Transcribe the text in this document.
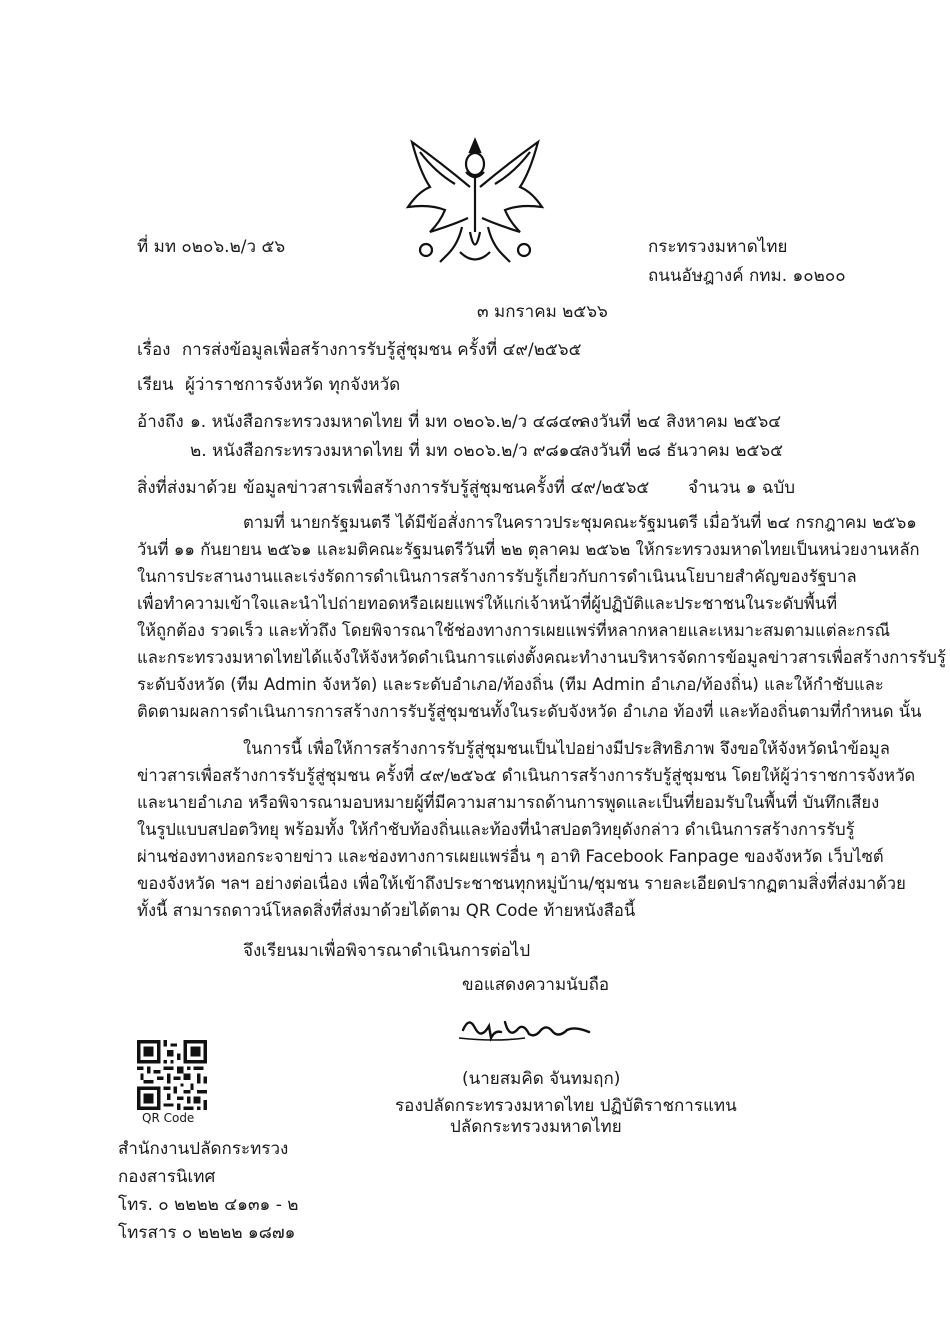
ที่ มท ๐๒๐๖.๒/ว ๕๖	กระทรวงมหาดไทย
ถนนอัษฎางค์ กทม. ๑๐๒๐๐
๓ มกราคม ๒๕๖๖
เรื่อง การส่งข้อมูลเพื่อสร้างการรับรู้สู่ชุมชน ครั้งที่ ๔๙/๒๕๖๕
เรียน ผู้ว่าราชการจังหวัด ทุกจังหวัด
อ้างถึง ๑. หนังสือกระทรวงมหาดไทย ที่ มท ๐๒๐๖.๒/ว ๔๘๔๓
ลงวันที่ ๒๔ สิงหาคม ๒๕๖๔
๒. หนังสือกระทรวงมหาดไทย ที่ มท ๐๒๐๖.๒/ว ๙๘๑๔
ลงวันที่ ๒๘ ธันวาคม ๒๕๖๕
สิ่งที่ส่งมาด้วย ข้อมูลข่าวสารเพื่อสร้างการรับรู้สู่ชุมชนครั้งที่ ๔๙/๒๕๖๕ จำนวน ๑ ฉบับ
ตามที่ นายกรัฐมนตรี ได้มีข้อสั่งการในคราวประชุมคณะรัฐมนตรี เมื่อวันที่ ๒๔ กรกฎาคม ๒๕๖๑
วันที่ ๑๑ กันยายน ๒๕๖๑ และมติคณะรัฐมนตรีวันที่ ๒๒ ตุลาคม ๒๕๖๒ ให้กระทรวงมหาดไทยเป็นหน่วยงานหลัก
ในการประสานงานและเร่งรัดการดำเนินการสร้างการรับรู้เกี่ยวกับการดำเนินนโยบายสำคัญของรัฐบาล
เพื่อทำความเข้าใจและนำไปถ่ายทอดหรือเผยแพร่ให้แก่เจ้าหน้าที่ผู้ปฏิบัติและประชาชนในระดับพื้นที่
ให้ถูกต้อง รวดเร็ว และทั่วถึง โดยพิจารณาใช้ช่องทางการเผยแพร่ที่หลากหลายและเหมาะสมตามแต่ละกรณี
และกระทรวงมหาดไทยได้แจ้งให้จังหวัดดำเนินการแต่งตั้งคณะทำงานบริหารจัดการข้อมูลข่าวสารเพื่อสร้างการรับรู้
ระดับจังหวัด (ทีม Admin จังหวัด) และระดับอำเภอ/ท้องถิ่น (ทีม Admin อำเภอ/ท้องถิ่น) และให้กำชับและ
ติดตามผลการดำเนินการการสร้างการรับรู้สู่ชุมชนทั้งในระดับจังหวัด อำเภอ ท้องที่ และท้องถิ่นตามที่กำหนด นั้น
ในการนี้ เพื่อให้การสร้างการรับรู้สู่ชุมชนเป็นไปอย่างมีประสิทธิภาพ จึงขอให้จังหวัดนำข้อมูล
ข่าวสารเพื่อสร้างการรับรู้สู่ชุมชน ครั้งที่ ๔๙/๒๕๖๕ ดำเนินการสร้างการรับรู้สู่ชุมชน โดยให้ผู้ว่าราชการจังหวัด
และนายอำเภอ หรือพิจารณามอบหมายผู้ที่มีความสามารถด้านการพูดและเป็นที่ยอมรับในพื้นที่ บันทึกเสียง
ในรูปแบบสปอตวิทยุ พร้อมทั้ง ให้กำชับท้องถิ่นและท้องที่นำสปอตวิทยุดังกล่าว ดำเนินการสร้างการรับรู้
ผ่านช่องทางหอกระจายข่าว และช่องทางการเผยแพร่อื่น ๆ อาทิ Facebook Fanpage ของจังหวัด เว็บไซต์
ของจังหวัด ฯลฯ อย่างต่อเนื่อง เพื่อให้เข้าถึงประชาชนทุกหมู่บ้าน/ชุมชน รายละเอียดปรากฏตามสิ่งที่ส่งมาด้วย
ทั้งนี้ สามารถดาวน์โหลดสิ่งที่ส่งมาด้วยได้ตาม QR Code ท้ายหนังสือนี้
จึงเรียนมาเพื่อพิจารณาดำเนินการต่อไป
ขอแสดงความนับถือ
(นายสมคิด จันทมฤก)
รองปลัดกระทรวงมหาดไทย ปฏิบัติราชการแทน
ปลัดกระทรวงมหาดไทย
QR Code
สำนักงานปลัดกระทรวง
กองสารนิเทศ
โทร. ๐ ๒๒๒๒ ๔๑๓๑ - ๒
โทรสาร ๐ ๒๒๒๒ ๑๘๗๑
